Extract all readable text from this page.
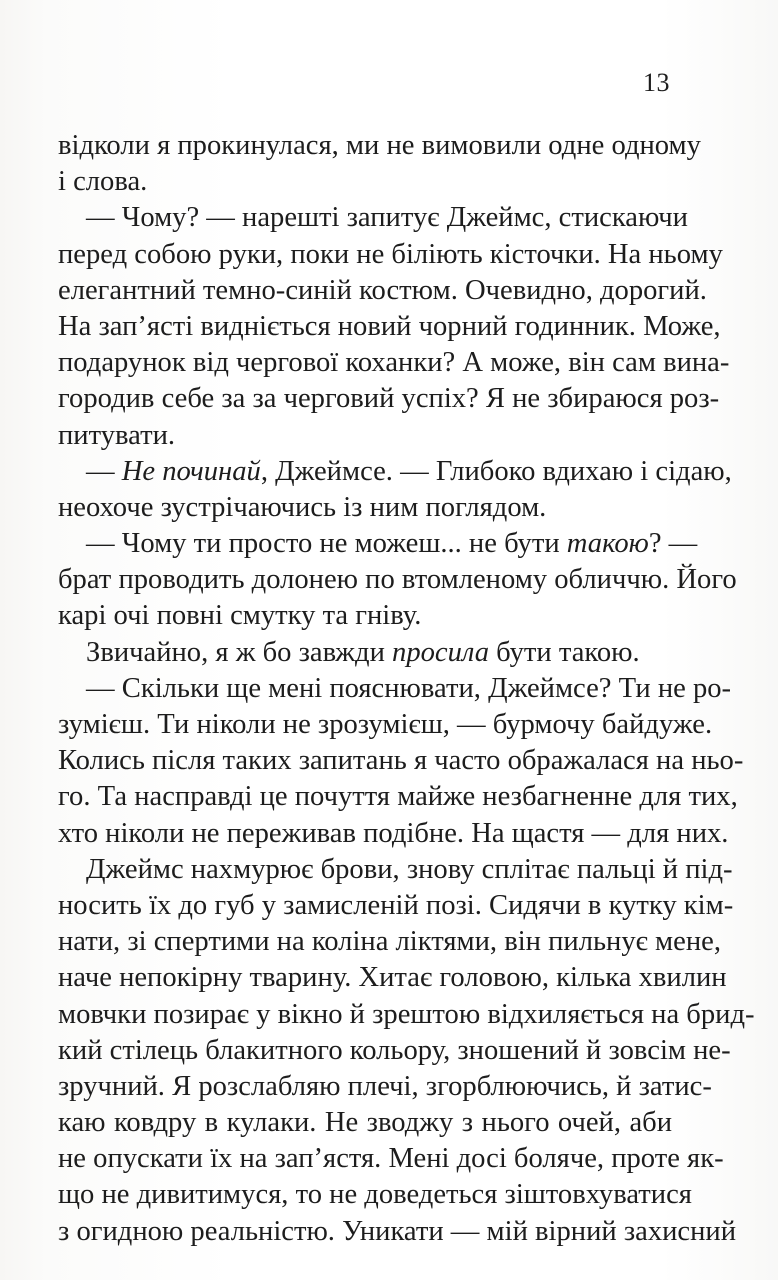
13
відколи я прокинулася, ми не вимовили одне одному
і слова.
— Чому? — нарешті запитує Джеймс, стискаючи
перед собою руки, поки не біліють кісточки. На ньому
елегантний темно-синій костюм. Очевидно, дорогий.
На зап’ясті видніється новий чорний годинник. Може,
подарунок від чергової коханки? А може, він сам вина-
городив себе за за черговий успіх? Я не збираюся роз-
питувати.
— Не починай, Джеймсе. — Глибоко вдихаю і сідаю,
неохоче зустрічаючись із ним поглядом.
— Чому ти просто не можеш... не бути такою? —
брат проводить долонею по втомленому обличчю. Його
карі очі повні смутку та гніву.
Звичайно, я ж бо завжди просила бути такою.
— Скільки ще мені пояснювати, Джеймсе? Ти не ро-
зумієш. Ти ніколи не зрозумієш, — бурмочу байдуже.
Колись після таких запитань я часто ображалася на ньо-
го. Та насправді це почуття майже незбагненне для тих,
хто ніколи не переживав подібне. На щастя — для них.
Джеймс нахмурює брови, знову сплітає пальці й під-
носить їх до губ у замисленій позі. Сидячи в кутку кім-
нати, зі спертими на коліна ліктями, він пильнує мене,
наче непокірну тварину. Хитає головою, кілька хвилин
мовчки позирає у вікно й зрештою відхиляється на брид-
кий стілець блакитного кольору, зношений й зовсім не-
зручний. Я розслабляю плечі, згорблюючись, й затис-
каю ковдру в кулаки. Не зводжу з нього очей, аби
не опускати їх на зап’ястя. Мені досі боляче, проте як-
що не дивитимуся, то не доведеться зіштовхуватися
з огидною реальністю. Уникати — мій вірний захисний
